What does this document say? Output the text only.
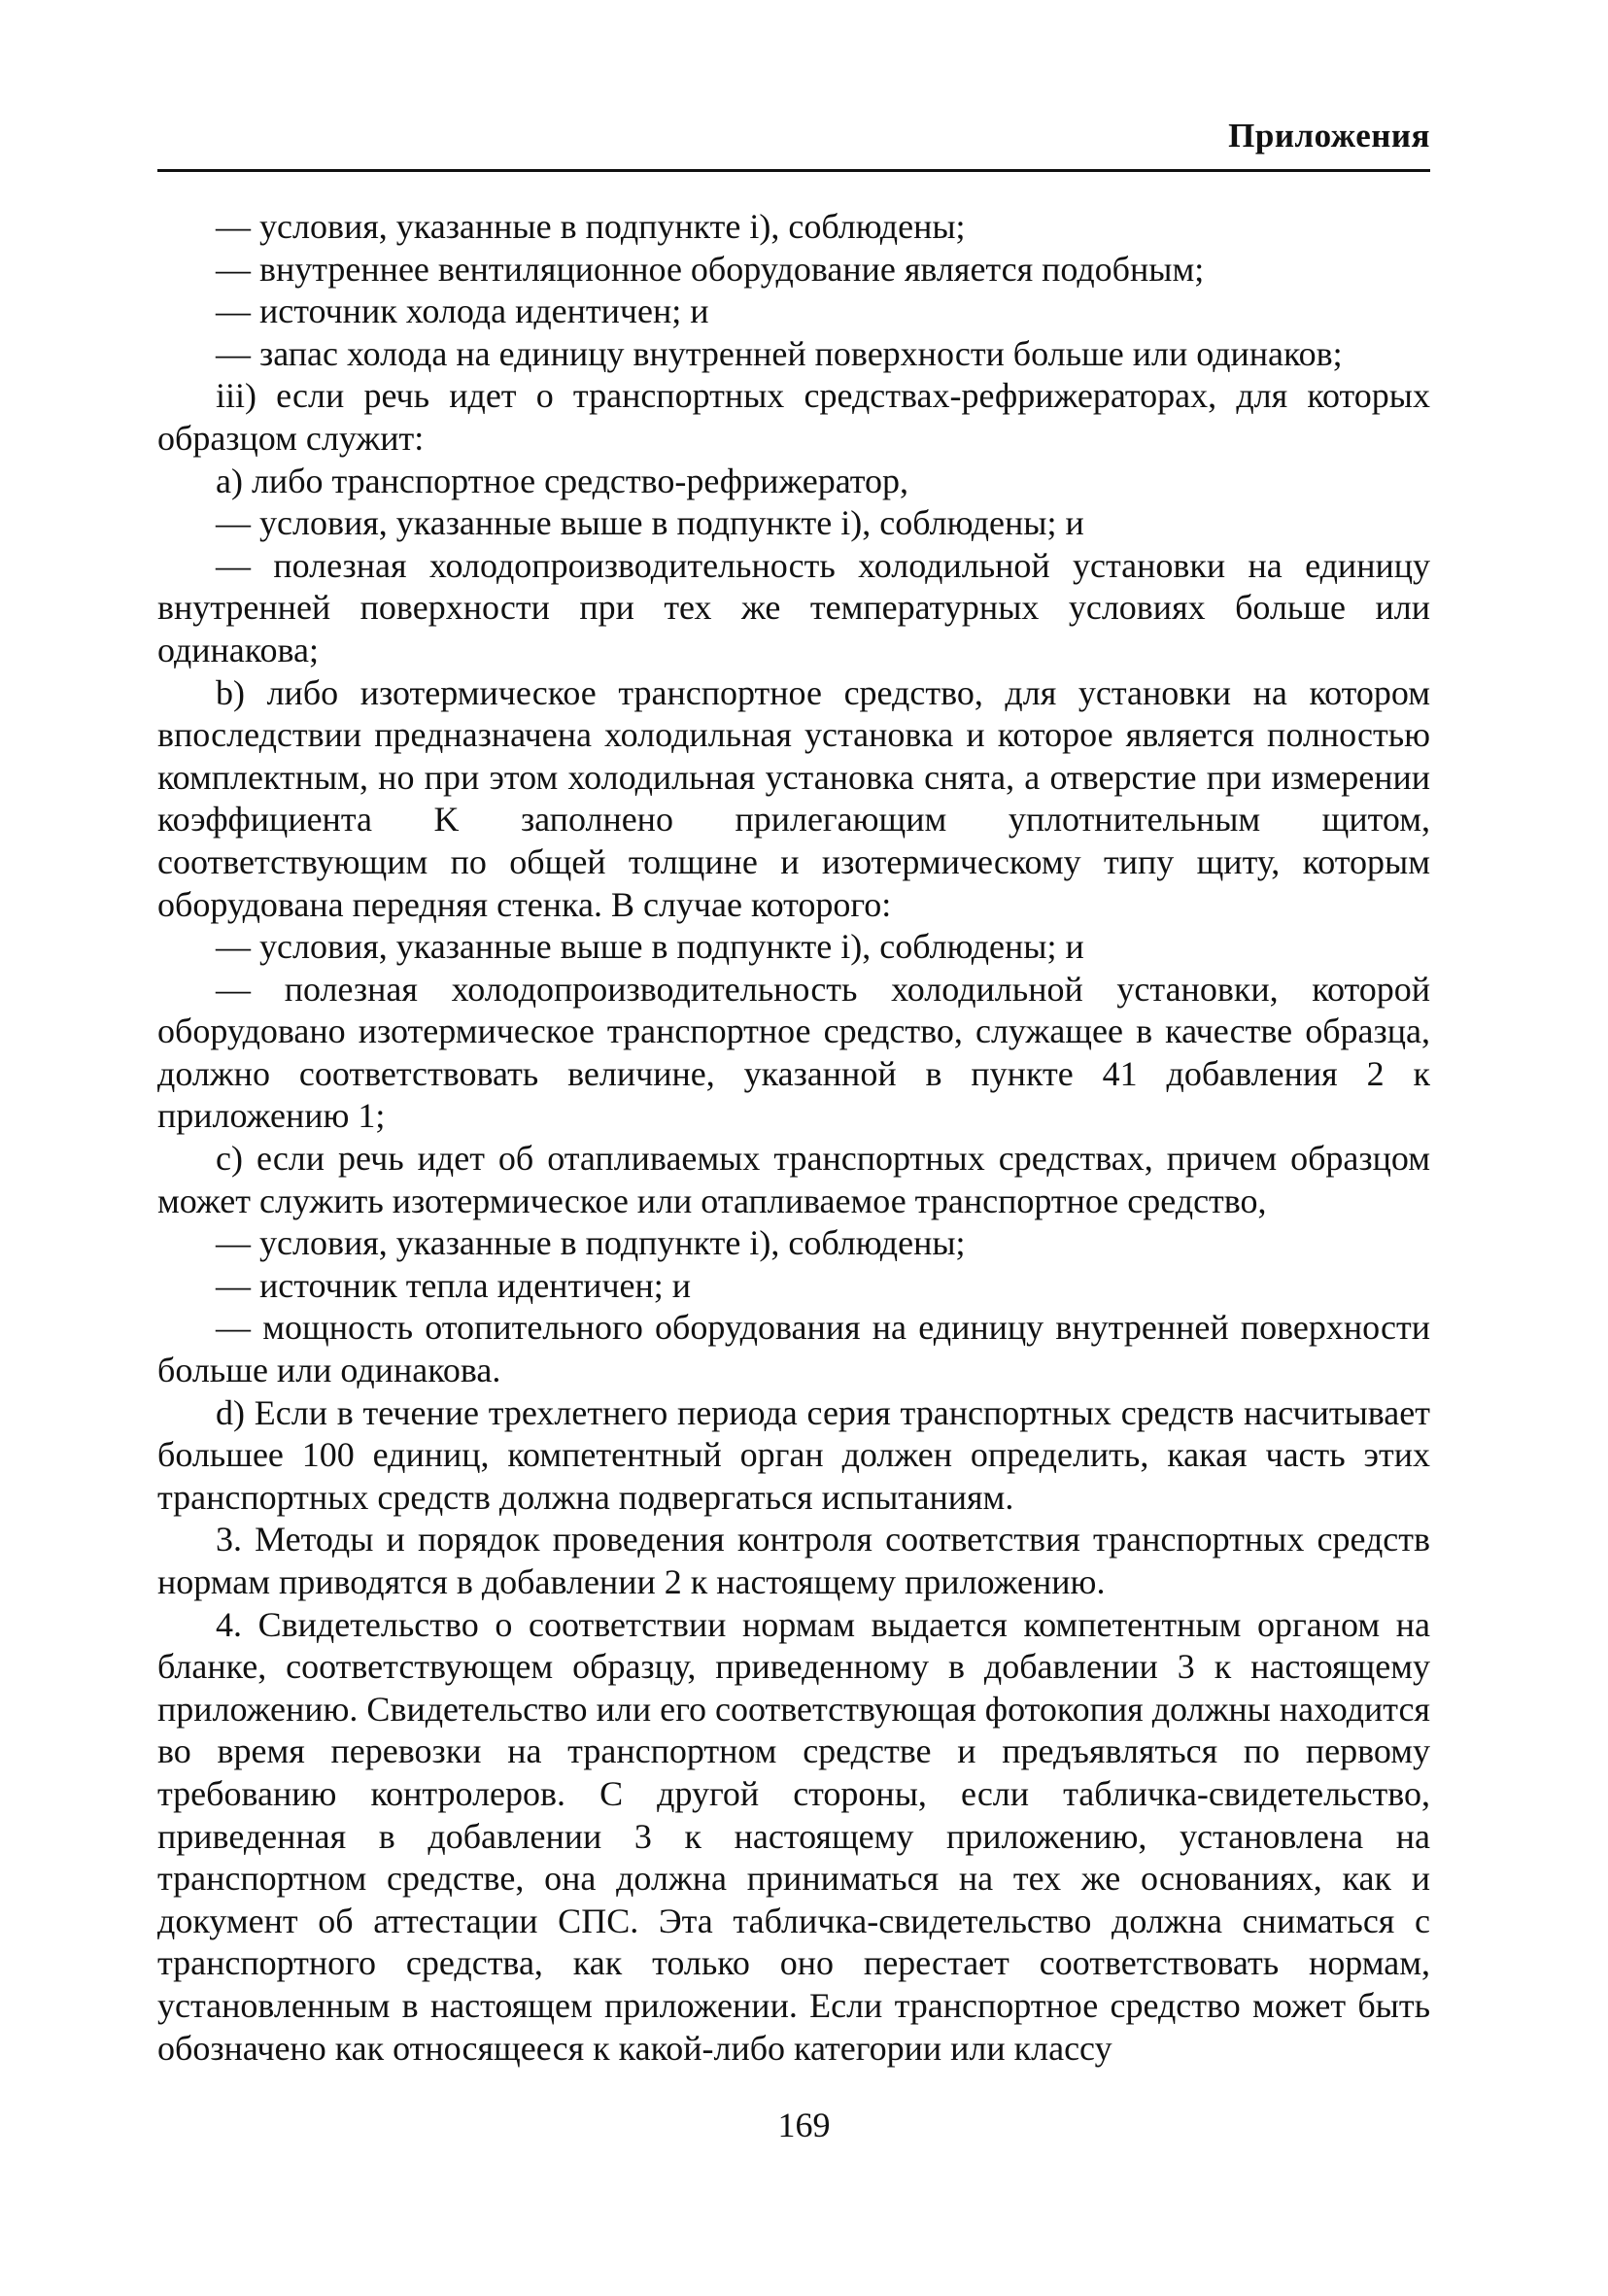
Приложения

— условия, указанные в подпункте i), соблюдены;

— внутреннее вентиляционное оборудование является подобным;

— источник холода идентичен; и

— запас холода на единицу внутренней поверхности больше или одинаков;

iii) если речь идет о транспортных средствах-рефрижераторах, для которых образцом служит:

a) либо транспортное средство-рефрижератор,

— условия, указанные выше в подпункте i), соблюдены; и

— полезная холодопроизводительность холодильной установки на единицу внутренней поверхности при тех же температурных условиях больше или одинакова;

b) либо изотермическое транспортное средство, для установки на котором впоследствии предназначена холодильная установка и которое является полностью комплектным, но при этом холодильная установка снята, а отверстие при измерении коэффициента K заполнено прилегающим уплотнительным щитом, соответствующим по общей толщине и изотермическому типу щиту, которым оборудована передняя стенка. В случае которого:

— условия, указанные выше в подпункте i), соблюдены; и

— полезная холодопроизводительность холодильной установки, которой оборудовано изотермическое транспортное средство, служащее в качестве образца, должно соответствовать величине, указанной в пункте 41 добавления 2 к приложению 1;

c) если речь идет об отапливаемых транспортных средствах, причем образцом может служить изотермическое или отапливаемое транспортное средство,

— условия, указанные в подпункте i), соблюдены;

— источник тепла идентичен; и

— мощность отопительного оборудования на единицу внутренней поверхности больше или одинакова.

d) Если в течение трехлетнего периода серия транспортных средств насчитывает большее 100 единиц, компетентный орган должен определить, какая часть этих транспортных средств должна подвергаться испытаниям.

3. Методы и порядок проведения контроля соответствия транспортных средств нормам приводятся в добавлении 2 к настоящему приложению.

4. Свидетельство о соответствии нормам выдается компетентным органом на бланке, соответствующем образцу, приведенному в добавлении 3 к настоящему приложению. Свидетельство или его соответствующая фотокопия должны находится во время перевозки на транспортном средстве и предъявляться по первому требованию контролеров. С другой стороны, если табличка-свидетельство, приведенная в добавлении 3 к настоящему приложению, установлена на транспортном средстве, она должна приниматься на тех же основаниях, как и документ об аттестации СПС. Эта табличка-свидетельство должна сниматься с транспортного средства, как только оно перестает соответствовать нормам, установленным в настоящем приложении. Если транспортное средство может быть обозначено как относящееся к какой-либо категории или классу

169
